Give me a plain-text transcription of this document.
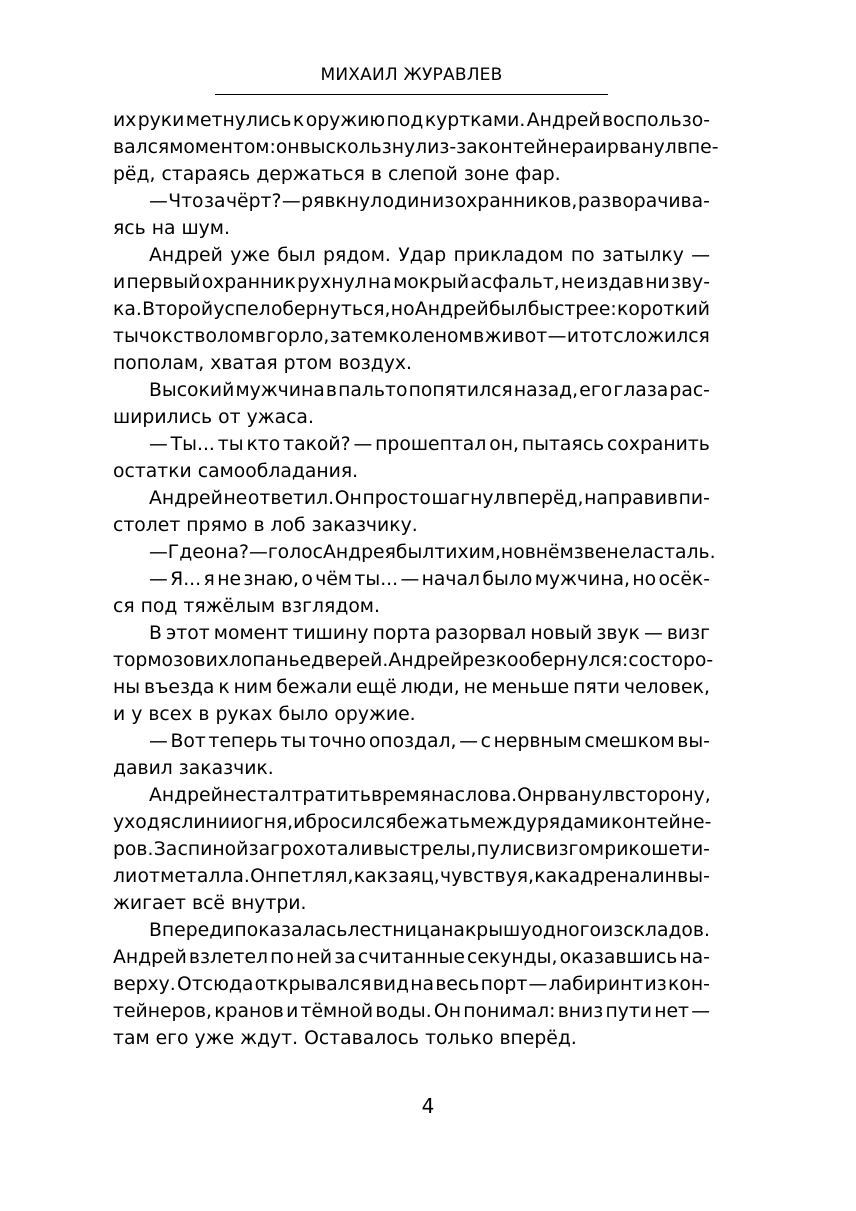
МИХАИЛ ЖУРАВЛЕВ
их руки метнулись к оружию под куртками. Андрей воспользо-
вался моментом: он выскользнул из-за контейнера и рванул впе-
рёд, стараясь держаться в слепой зоне фар.
— Что за чёрт? — рявкнул один из охранников, разворачива-
ясь на шум.
Андрей уже был рядом. Удар прикладом по затылку —
и первый охранник рухнул на мокрый асфальт, не издав ни зву-
ка. Второй успел обернуться, но Андрей был быстрее: короткий
тычок стволом в горло, затем коленом в живот — и тот сложился
пополам, хватая ртом воздух.
Высокий мужчина в пальто попятился назад, его глаза рас-
ширились от ужаса.
— Ты... ты кто такой? — прошептал он, пытаясь сохранить
остатки самообладания.
Андрей не ответил. Он просто шагнул вперёд, направив пи-
столет прямо в лоб заказчику.
— Где она? — голос Андрея был тихим, но в нём звенела сталь.
— Я... я не знаю, о чём ты... — начал было мужчина, но осёк-
ся под тяжёлым взглядом.
В этот момент тишину порта разорвал новый звук — визг
тормозов и хлопанье дверей. Андрей резко обернулся: со сторо-
ны въезда к ним бежали ещё люди, не меньше пяти человек,
и у всех в руках было оружие.
— Вот теперь ты точно опоздал, — с нервным смешком вы-
давил заказчик.
Андрей не стал тратить время на слова. Он рванул в сторону,
уходя с линии огня, и бросился бежать между рядами контейне-
ров. За спиной загрохотали выстрелы, пули с визгом рикошети-
ли от металла. Он петлял, как заяц, чувствуя, как адреналин вы-
жигает всё внутри.
Впереди показалась лестница на крышу одного из складов.
Андрей взлетел по ней за считанные секунды, оказавшись на-
верху. Отсюда открывался вид на весь порт — лабиринт из кон-
тейнеров, кранов и тёмной воды. Он понимал: вниз пути нет —
там его уже ждут. Оставалось только вперёд.
4
